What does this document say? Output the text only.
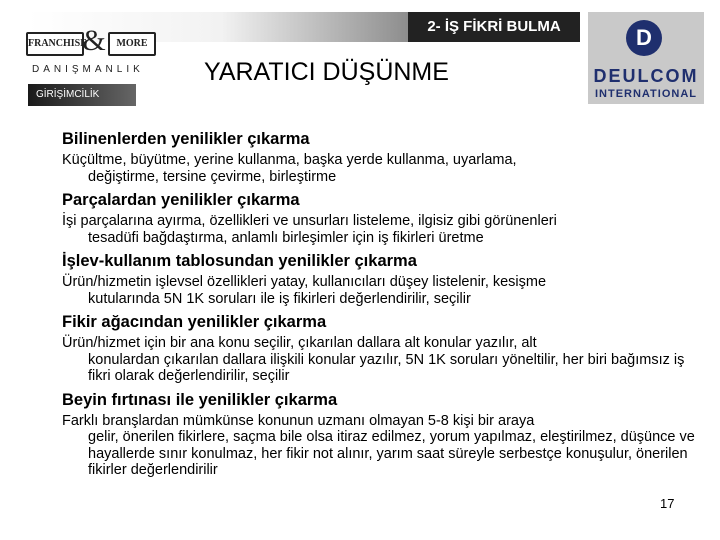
2- İŞ FİKRİ BULMA
FRANCHISE
&	MORE
DANIŞMANLIK
GİRİŞİMCİLİK
D
DEULCOM
INTERNATIONAL
YARATICI DÜŞÜNME
Bilinenlerden yenilikler çıkarma
Küçültme, büyütme, yerine kullanma, başka yerde kullanma, uyarlama,
değiştirme, tersine çevirme, birleştirme
Parçalardan yenilikler çıkarma
İşi parçalarına ayırma, özellikleri ve unsurları listeleme, ilgisiz gibi görünenleri
tesadüfi bağdaştırma, anlamlı birleşimler için iş fikirleri üretme
İşlev-kullanım tablosundan yenilikler çıkarma
Ürün/hizmetin işlevsel özellikleri yatay, kullanıcıları düşey listelenir, kesişme
kutularında 5N 1K soruları ile iş fikirleri değerlendirilir, seçilir
Fikir ağacından yenilikler çıkarma
Ürün/hizmet için bir ana konu seçilir, çıkarılan dallara alt konular yazılır, alt
konulardan çıkarılan dallara ilişkili konular yazılır, 5N 1K soruları yöneltilir, her biri bağımsız iş fikri olarak değerlendirilir, seçilir
Beyin fırtınası ile yenilikler çıkarma
Farklı branşlardan mümkünse konunun uzmanı olmayan 5-8 kişi bir araya
gelir, önerilen fikirlere, saçma bile olsa itiraz edilmez, yorum yapılmaz, eleştirilmez, düşünce ve hayallerde sınır konulmaz, her fikir not alınır, yarım saat süreyle serbestçe konuşulur, önerilen fikirler değerlendirilir
17
